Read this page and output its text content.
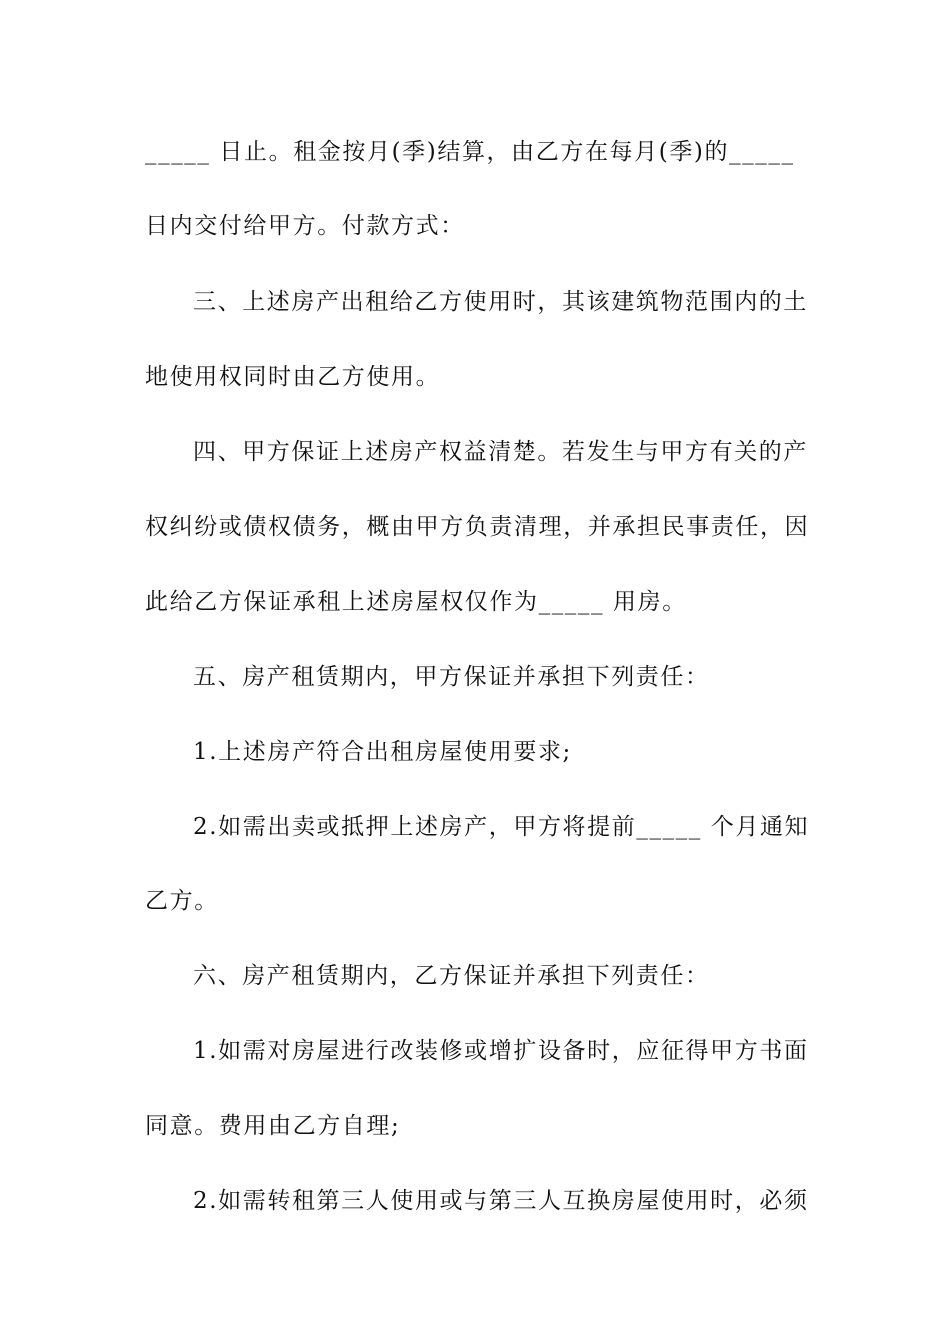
_____ 日止。租金按月(季)结算，由乙方在每月(季)的_____
日内交付给甲方。付款方式：
三、上述房产出租给乙方使用时，其该建筑物范围内的土
地使用权同时由乙方使用。
四、甲方保证上述房产权益清楚。若发生与甲方有关的产
权纠纷或债权债务，概由甲方负责清理，并承担民事责任，因
此给乙方保证承租上述房屋权仅作为_____ 用房。
五、房产租赁期内，甲方保证并承担下列责任：
1.上述房产符合出租房屋使用要求;
2.如需出卖或抵押上述房产，甲方将提前_____ 个月通知
乙方。
六、房产租赁期内，乙方保证并承担下列责任：
1.如需对房屋进行改装修或增扩设备时，应征得甲方书面
同意。费用由乙方自理;
2.如需转租第三人使用或与第三人互换房屋使用时，必须
